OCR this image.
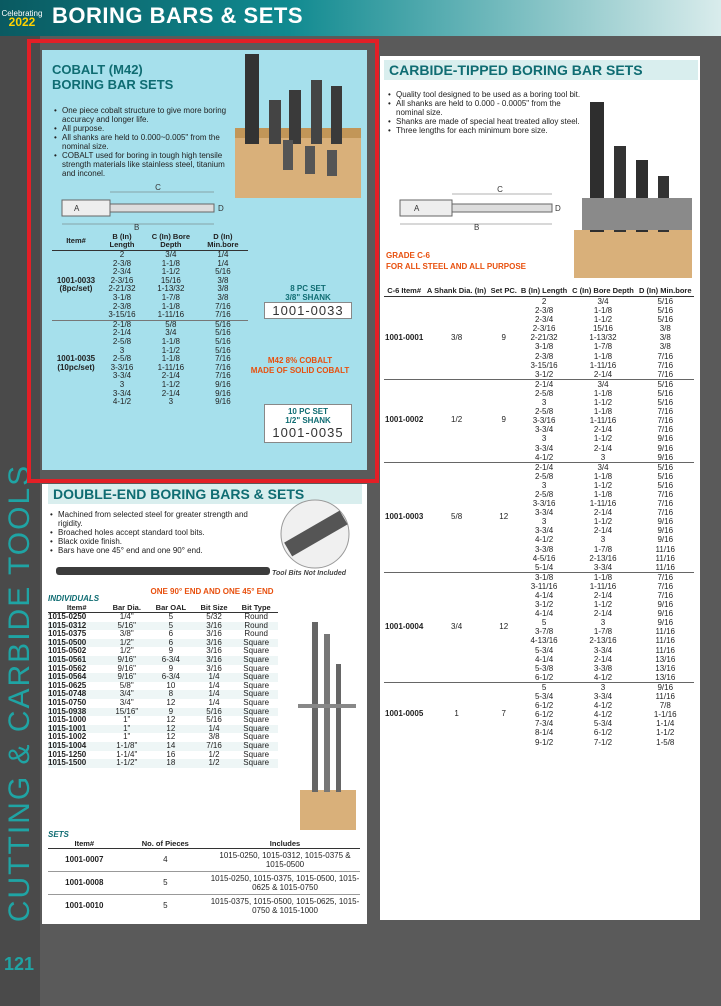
Celebrating
2022 BORING BARS & SETS
CUTTING & CARBIDE TOOLS
121
COBALT (M42)
BORING BAR SETS
• One piece cobalt structure to give more boring accuracy and longer life.
• All purpose.
• All shanks are held to 0.000~0.005" from the nominal size.
• COBALT used for boring in tough high tensile strength materials like stainless steel, titanium and inconel.
C
A
B
D
Item#	B (In) Length	C (In) Bore Depth	D (In) Min.bore
1001-0033 (8pc/set)	2	3/4	1/4
	2-3/8	1-1/8	1/4
	2-3/4	1-1/2	5/16
	2-3/16	15/16	3/8
	2-21/32	1-13/32	3/8
	3-1/8	1-7/8	3/8
	2-3/8	1-1/8	7/16
	3-15/16	1-11/16	7/16
1001-0035 (10pc/set)	2-1/8	5/8	5/16
	2-1/4	3/4	5/16
	2-5/8	1-1/8	5/16
	3	1-1/2	5/16
	2-5/8	1-1/8	7/16
	3-3/16	1-11/16	7/16
	3-3/4	2-1/4	7/16
	3	1-1/2	9/16
	3-3/4	2-1/4	9/16
	4-1/2	3	9/16
8 PC SET
3/8" SHANK
1001-0033
M42 8% COBALT
MADE OF SOLID COBALT
10 PC SET
1/2" SHANK
1001-0035
DOUBLE-END BORING BARS & SETS
• Machined from selected steel for greater strength and rigidity.
• Broached holes accept standard tool bits.
• Black oxide finish.
• Bars have one 45° end and one 90° end.
Tool Bits Not Included
ONE 90° END AND ONE 45° END
INDIVIDUALS
Item#	Bar Dia.	Bar OAL	Bit Size	Bit Type
1015-0250	1/4"	5	5/32	Round
1015-0312	5/16"	5	3/16	Round
1015-0375	3/8"	6	3/16	Round
1015-0500	1/2"	6	3/16	Square
1015-0502	1/2"	9	3/16	Square
1015-0561	9/16"	6-3/4	3/16	Square
1015-0562	9/16"	9	3/16	Square
1015-0564	9/16"	6-3/4	1/4	Square
1015-0625	5/8"	10	1/4	Square
1015-0748	3/4"	8	1/4	Square
1015-0750	3/4"	12	1/4	Square
1015-0938	15/16"	9	5/16	Square
1015-1000	1"	12	5/16	Square
1015-1001	1"	12	1/4	Square
1015-1002	1"	12	3/8	Square
1015-1004	1-1/8"	14	7/16	Square
1015-1250	1-1/4"	16	1/2	Square
1015-1500	1-1/2"	18	1/2	Square
SETS
Item#	No. of Pieces	Includes
1001-0007	4	1015-0250, 1015-0312, 1015-0375 & 1015-0500
1001-0008	5	1015-0250, 1015-0375, 1015-0500, 1015-0625 & 1015-0750
1001-0010	5	1015-0375, 1015-0500, 1015-0625, 1015-0750 & 1015-1000
CARBIDE-TIPPED BORING BAR SETS
• Quality tool designed to be used as a boring tool bit.
• All shanks are held to 0.000 - 0.0005" from the nominal size.
• Shanks are made of special heat treated alloy steel.
• Three lengths for each minimum bore size.
C
A
B
D
GRADE C-6
FOR ALL STEEL AND ALL PURPOSE
C-6 Item#	A Shank Dia. (In)	Set PC.	B (In) Length	C (In) Bore Depth	D (In) Min.bore
1001-0001	3/8	9	2	3/4	5/16
			2-3/8	1-1/8	5/16
			2-3/4	1-1/2	5/16
			2-3/16	15/16	3/8
			2-21/32	1-13/32	3/8
			3-1/8	1-7/8	3/8
			2-3/8	1-1/8	7/16
			3-15/16	1-11/16	7/16
			3-1/2	2-1/4	7/16
1001-0002	1/2	9	2-1/4	3/4	5/16
			2-5/8	1-1/8	5/16
			3	1-1/2	5/16
			2-5/8	1-1/8	7/16
			3-3/16	1-11/16	7/16
			3-3/4	2-1/4	7/16
			3	1-1/2	9/16
			3-3/4	2-1/4	9/16
			4-1/2	3	9/16
1001-0003	5/8	12	2-1/4	3/4	5/16
			2-5/8	1-1/8	5/16
			3	1-1/2	5/16
			2-5/8	1-1/8	7/16
			3-3/16	1-11/16	7/16
			3-3/4	2-1/4	7/16
			3	1-1/2	9/16
			3-3/4	2-1/4	9/16
			4-1/2	3	9/16
			3-3/8	1-7/8	11/16
			4-5/16	2-13/16	11/16
			5-1/4	3-3/4	11/16
1001-0004	3/4	12	3-1/8	1-1/8	7/16
			3-11/16	1-11/16	7/16
			4-1/4	2-1/4	7/16
			3-1/2	1-1/2	9/16
			4-1/4	2-1/4	9/16
			5	3	9/16
			3-7/8	1-7/8	11/16
			4-13/16	2-13/16	11/16
			5-3/4	3-3/4	11/16
			4-1/4	2-1/4	13/16
			5-3/8	3-3/8	13/16
			6-1/2	4-1/2	13/16
1001-0005	1	7	5	3	9/16
			5-3/4	3-3/4	11/16
			6-1/2	4-1/2	7/8
			6-1/2	4-1/2	1-1/16
			7-3/4	5-3/4	1-1/4
			8-1/4	6-1/2	1-1/2
			9-1/2	7-1/2	1-5/8
